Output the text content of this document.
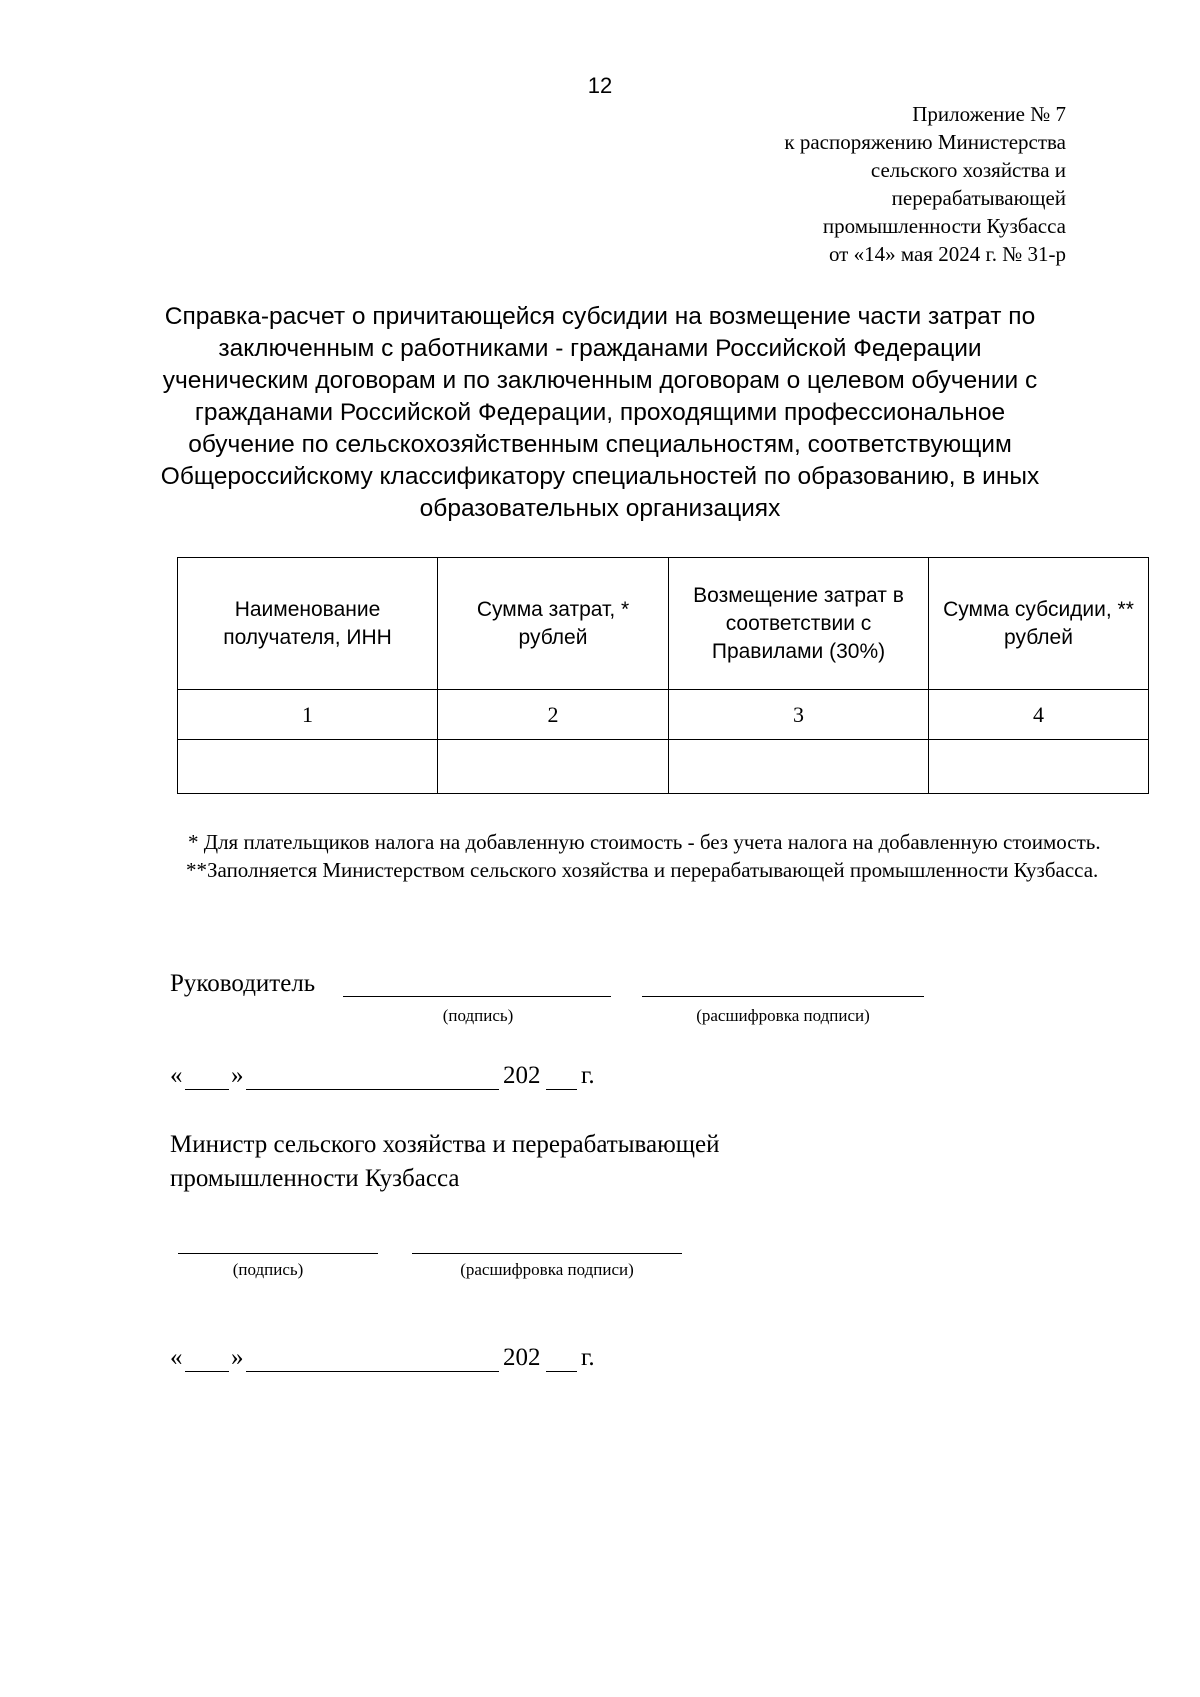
12
Приложение № 7
к распоряжению Министерства
сельского хозяйства и
перерабатывающей
промышленности Кузбасса
от «14» мая 2024 г. № 31-р
Справка-расчет о причитающейся субсидии на возмещение части затрат по заключенным с работниками - гражданами Российской Федерации ученическим договорам и по заключенным договорам о целевом обучении с гражданами Российской Федерации, проходящими профессиональное обучение по сельскохозяйственным специальностям, соответствующим Общероссийскому классификатору специальностей по образованию, в иных образовательных организациях
Наименование получателя, ИНН	Сумма затрат, * рублей	Возмещение затрат в соответствии с Правилами (30%)	Сумма субсидии, ** рублей
1	2	3	4

* Для плательщиков налога на добавленную стоимость - без учета налога на добавленную стоимость.
**Заполняется Министерством сельского хозяйства и перерабатывающей промышленности Кузбасса.
Руководитель
(подпись)	(расшифровка подписи)
« »	202 г.
Министр сельского хозяйства и перерабатывающей
промышленности Кузбасса
(подпись)	(расшифровка подписи)
« »	202 г.
